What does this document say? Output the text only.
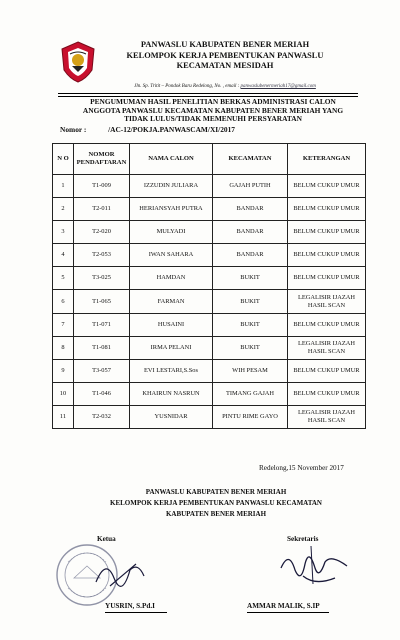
PANWASLU KABUPATEN BENER MERIAH
KELOMPOK KERJA PEMBENTUKAN PANWASLU
KECAMATAN MESIDAH
Jln. Sp. Tritit – Pondok Baru Redelong, No. , email : panwaslubenermeriah17@gmail.com
PENGUMUMAN HASIL PENELITIAN BERKAS ADMINISTRASI CALON
ANGGOTA PANWASLU KECAMATAN KABUPATEN BENER MERIAH YANG
TIDAK LULUS/TIDAK MEMENUHI PERSYARATAN
Nomor :	/AC-12/POKJA.PANWASCAM/XI/2017
N O	NOMOR PENDAFTARAN	NAMA CALON	KECAMATAN	KETERANGAN
1	T1-009	IZZUDIN JULIARA	GAJAH PUTIH	BELUM CUKUP UMUR
2	T2-011	HERIANSYAH PUTRA	BANDAR	BELUM CUKUP UMUR
3	T2-020	MULYADI	BANDAR	BELUM CUKUP UMUR
4	T2-053	IWAN SAHARA	BANDAR	BELUM CUKUP UMUR
5	T3-025	HAMDAN	BUKIT	BELUM CUKUP UMUR
6	T1-065	FARMAN	BUKIT	LEGALISIR IJAZAH HASIL SCAN
7	T1-071	HUSAINI	BUKIT	BELUM CUKUP UMUR
8	T1-081	IRMA PELANI	BUKIT	LEGALISIR IJAZAH HASIL SCAN
9	T3-057	EVI LESTARI,S.Sos	WIH PESAM	BELUM CUKUP UMUR
10	T1-046	KHAIRUN NASRUN	TIMANG GAJAH	BELUM CUKUP UMUR
11	T2-032	YUSNIDAR	PINTU RIME GAYO	LEGALISIR IJAZAH HASIL SCAN
Redelong,15 November 2017
PANWASLU KABUPATEN BENER MERIAH
KELOMPOK KERJA PEMBENTUKAN PANWASLU KECAMATAN
KABUPATEN BENER MERIAH
Ketua	Sekretaris
YUSRIN, S.Pd.I	AMMAR MALIK, S.IP
